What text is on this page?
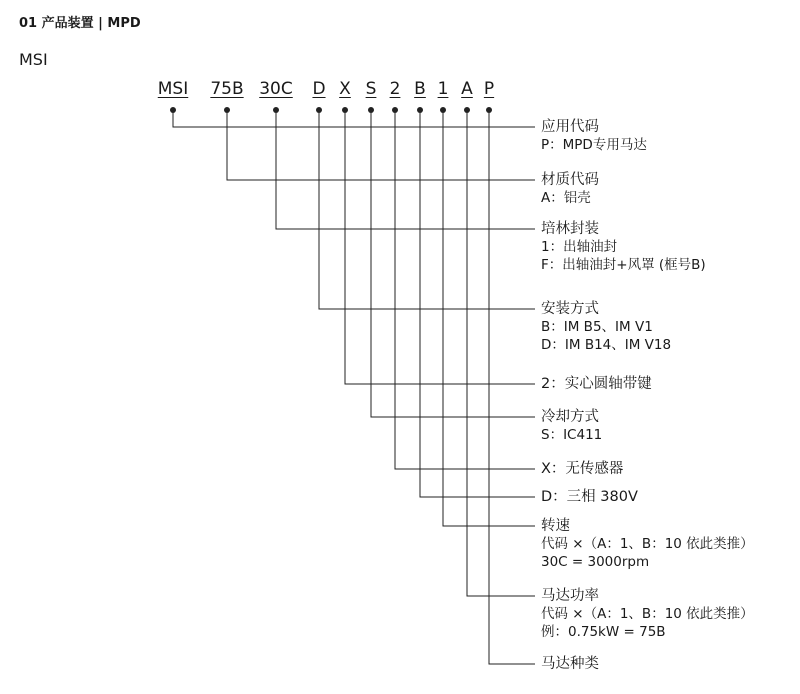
01 产品装置 | MPD
MSI
MSI 75B 30C D X S 2 B 1 A P
应用代码
P：MPD专用马达
材质代码
A：铝壳
培林封装
1：出轴油封
F：出轴油封+风罩 (框号B)
安装方式
B：IM B5、IM V1
D：IM B14、IM V18
2：实心圆轴带键
冷却方式
S：IC411
X：无传感器
D：三相 380V
转速
代码 ×（A：1、B：10 依此类推）
30C = 3000rpm
马达功率
代码 ×（A：1、B：10 依此类推）
例：0.75kW = 75B
马达种类
